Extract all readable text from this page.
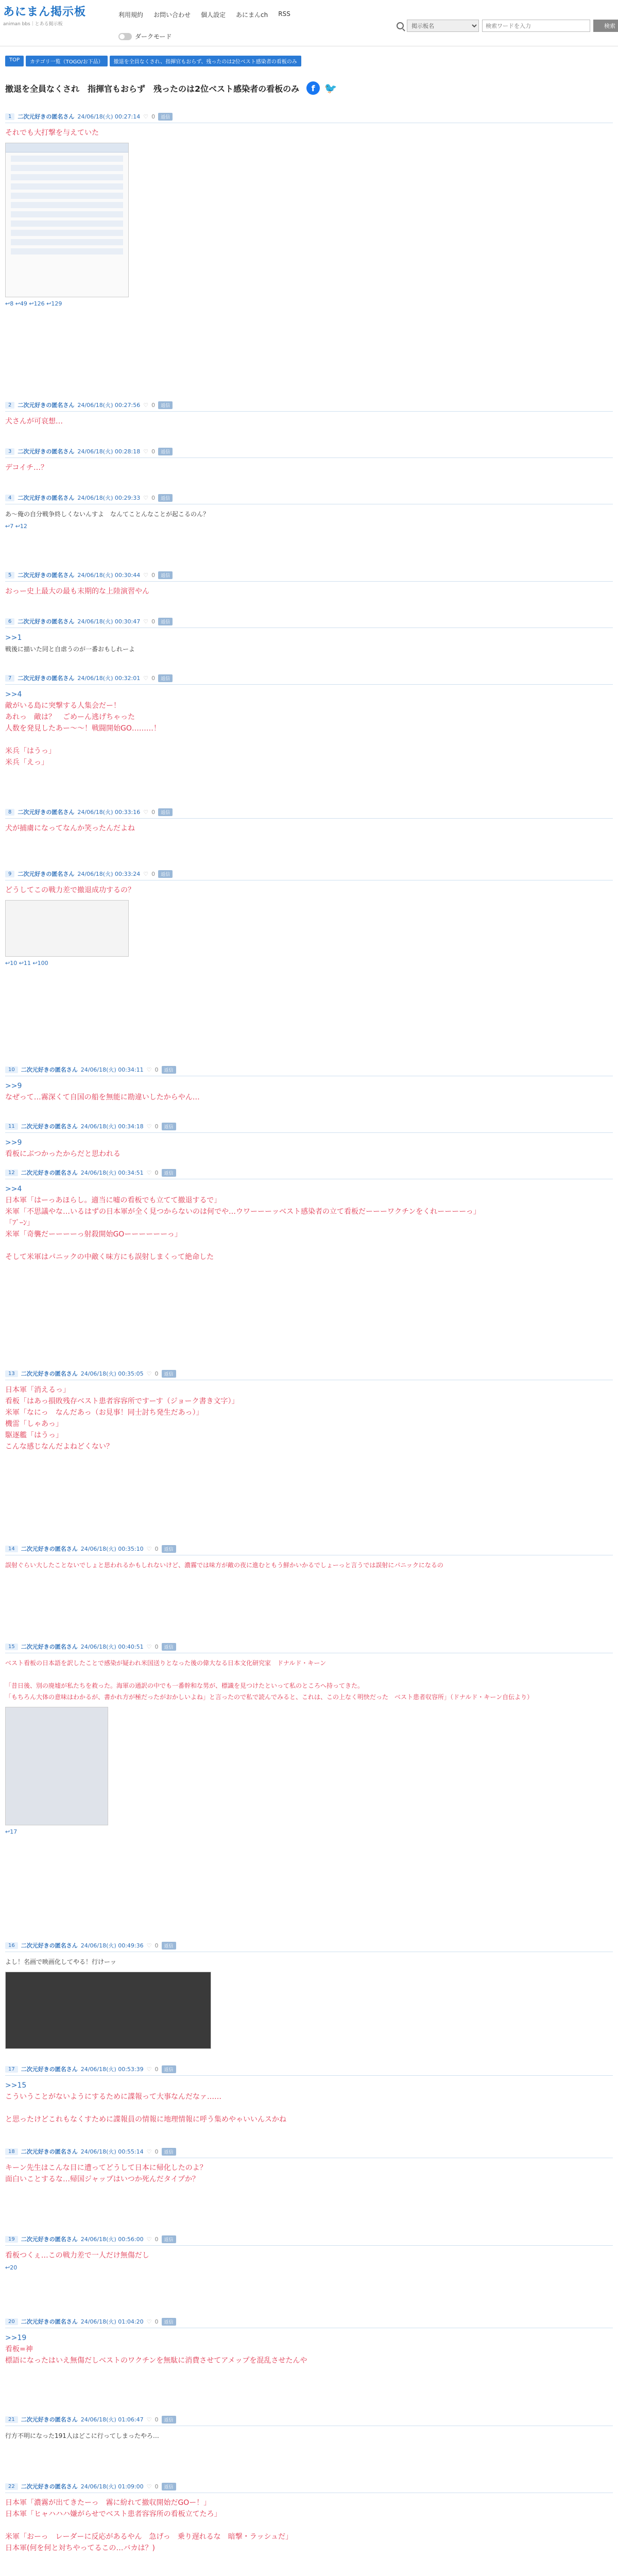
あにまん掲示板
animan bbs｜とある掲示板
利用規約 お問い合わせ 個人設定 あにまんch RSS
ダークモード
掲示板名
検索ワードを入力
検索
TOP	カテゴリ一覧（TOGO/お下品）	撤退を全員なくされ、指揮官もおらず、残ったのは2位ベスト感染者の看板のみ
撤退を全員なくされ　指揮官もおらず　残ったのは2位ベスト感染者の看板のみ	f 🐦
1	二次元好きの匿名さん 24/06/18(火) 00:27:14 ♡ 0	返信
それでも大打撃を与えていた
↩8 ↩49 ↩126 ↩129
2	二次元好きの匿名さん 24/06/18(火) 00:27:56 ♡ 0	返信
犬さんが可哀想…
3	二次元好きの匿名さん 24/06/18(火) 00:28:18 ♡ 0	返信
デコイチ…？
4	二次元好きの匿名さん 24/06/18(火) 00:29:33 ♡ 0	返信
あ～俺の自分戦争終しくないんすよ　なんてことんなことが起こるのん？
↩7 ↩12
5	二次元好きの匿名さん 24/06/18(火) 00:30:44 ♡ 0	返信
おっー史上最大の最も末期的な上陸演習やん
6	二次元好きの匿名さん 24/06/18(火) 00:30:47 ♡ 0	返信
>>1
戦後に描いた同と自虐うのが一番おもしれーよ
7	二次元好きの匿名さん 24/06/18(火) 00:32:01 ♡ 0	返信
>>4
敵がいる島に突撃する人集会だー！
あれっ　敵は？　ごめーん逃げちゃった
人数を発見したあー〜〜！戦闘開始GO………！
米兵「はうっ」
米兵「えっ」
8	二次元好きの匿名さん 24/06/18(火) 00:33:16 ♡ 0	返信
犬が捕虜になってなんか笑ったんだよね
9	二次元好きの匿名さん 24/06/18(火) 00:33:24 ♡ 0	返信
どうしてこの戦力差で撤退成功するの？
↩10 ↩11 ↩100
10	二次元好きの匿名さん 24/06/18(火) 00:34:11 ♡ 0	返信
>>9
なぜって…霧深くて自国の船を無能に勘違いしたからやん…
11	二次元好きの匿名さん 24/06/18(火) 00:34:18 ♡ 0	返信
>>9
看板にぶつかったからだと思われる
12	二次元好きの匿名さん 24/06/18(火) 00:34:51 ♡ 0	返信
>>4
日本軍「はーっあほらし。適当に嘘の看板でも立てて撤退するで」
米軍「不思議やな…いるはずの日本軍が全く見つからないのは何でや…ウワーーーッベスト感染者の立て看板だーーーワクチンをくれーーーーっ」
「ﾌﾞｰﾝ」
米軍「奇襲だーーーーっ射殺開始GOーーーーーーっ」
そして米軍はパニックの中敵く味方にも誤射しまくって絶命した
13	二次元好きの匿名さん 24/06/18(火) 00:35:05 ♡ 0	返信
日本軍「消えるっ」
看板「はあっ損敗残存ベスト患者容容所ですーす（ジョーク書き文字）」
米軍「なにっ　なんだあっ（お見事！同士討ち発生だあっ）」
機雷「しゃあっ」
駆逐艦「はうっ」
こんな感じなんだよねどくない？
14	二次元好きの匿名さん 24/06/18(火) 00:35:10 ♡ 0	返信
誤射ぐらい大したことないでしょと思われるかもしれないけど、濃霧では味方が敵の夜に進むともう鮮かいかるでしょーっと言うでは誤射にパニックになるの
15	二次元好きの匿名さん 24/06/18(火) 00:40:51 ♡ 0	返信
ベスト看板の日本語を訳したことで感染が疑われ米国送りとなった後の偉大なる日本文化研究家　ドナルド・キーン
「昔日後、別の廃墟が私たちを救った。海軍の通訳の中でも一番幹和な男が、標識を見つけたといって私のところへ持ってきた。
「もちろん大体の意味はわかるが、書かれ方が極だったがおかしいよね」と言ったので私で読んでみると、これは、この上なく明快だった　ベスト患者収容所」（ドナルド・キーン自伝より）
↩17
16	二次元好きの匿名さん 24/06/18(火) 00:49:36 ♡ 0	返信
よし！名画で映画化してやる！行けーッ
17	二次元好きの匿名さん 24/06/18(火) 00:53:39 ♡ 0	返信
>>15
こういうことがないようにするために諜報って大事なんだなァ……
と思ったけどこれもなくすために諜報員の情報に地理情報に呼う集めやゃいいんスかね
18	二次元好きの匿名さん 24/06/18(火) 00:55:14 ♡ 0	返信
キーン先生はこんな目に遭ってどうして日本に帰化したのよ？
面白いことするな…帰国ジャップはいつか死んだタイプか？
19	二次元好きの匿名さん 24/06/18(火) 00:56:00 ♡ 0	返信
看板つくぇ…この戦力差で一人だけ無傷だし
↩20
20	二次元好きの匿名さん 24/06/18(火) 01:04:20 ♡ 0	返信
>>19
看板=神
標語になったはいえ無傷だしベストのワクチンを無駄に消費させてアメップを混乱させたんや
21	二次元好きの匿名さん 24/06/18(火) 01:06:47 ♡ 0	返信
行方不明になった191人はどこに行ってしまったやろ…
22	二次元好きの匿名さん 24/06/18(火) 01:09:00 ♡ 0	返信
日本軍「濃霧が出てきたーっ　霧に紛れて撤収開始だGOー！」
日本軍「ヒャハハハ嫌がらせでベスト患者容容所の看板立てたろ」
米軍「おーっ　レーダーに反応があるやん　急げっ　乗り遅れるな　暗撃・ラッシュだ」
日本軍(何を何と対ちやってるこの…バカは？)
